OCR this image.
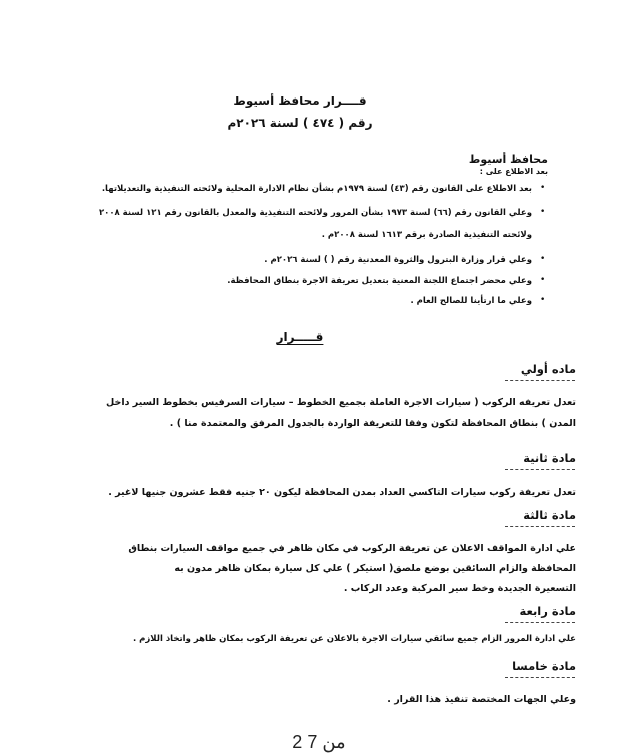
قــــرار محافظ أسيوط
رقم ( ٤٧٤ ) لسنة ٢٠٢٦م
محافظ أسيوط
بعد الاطلاع على :
•
بعد الاطلاع على القانون رقم (٤٣) لسنة ١٩٧٩م بشأن نظام الادارة المحلية ولائحته التنفيذية والتعديلاتها.
•
وعلي القانون رقم (٦٦) لسنة ١٩٧٣ بشأن المرور ولائحته التنفيذية والمعدل بالقانون رقم ١٢١ لسنة ٢٠٠٨
ولائحته التنفيذية الصادرة برقم ١٦١٣ لسنة ٢٠٠٨م .
•
وعلي قرار وزارة البترول والثروة المعدنية رقم ( ) لسنة ٢٠٢٦م .
•
وعلي محضر اجتماع اللجنة المعنية بتعديل تعريفة الاجرة بنطاق المحافظة.
•
وعلي ما ارتأينا للصالح العام .
قـــــرار
ماده أولي
تعدل تعريفه الركوب ( سيارات الاجرة العاملة بجميع الخطوط – سيارات السرفيس بخطوط السير داخل
المدن ) بنطاق المحافظة لتكون وفقا للتعريفة الواردة بالجدول المرفق والمعتمدة منا ) .
مادة ثانية
تعدل تعريفة ركوب سيارات التاكسي العداد بمدن المحافظة ليكون ٢٠ جنيه فقط عشرون جنيها لاغير .
مادة ثالثة
علي ادارة المواقف الاعلان عن تعريفة الركوب في مكان ظاهر في جميع مواقف السيارات بنطاق
المحافظة والزام السائقين بوضع ملصق( استيكر ) علي كل سيارة بمكان ظاهر مدون به
التسعيرة الجديدة وخط سير المركبة وعدد الركاب .
مادة رابعة
علي ادارة المرور الزام جميع سائقي سيارات الاجرة بالاعلان عن تعريفة الركوب بمكان ظاهر واتخاذ اللازم .
مادة خامسا
وعلي الجهات المختصة تنفيذ هذا القرار .
2 من 7
